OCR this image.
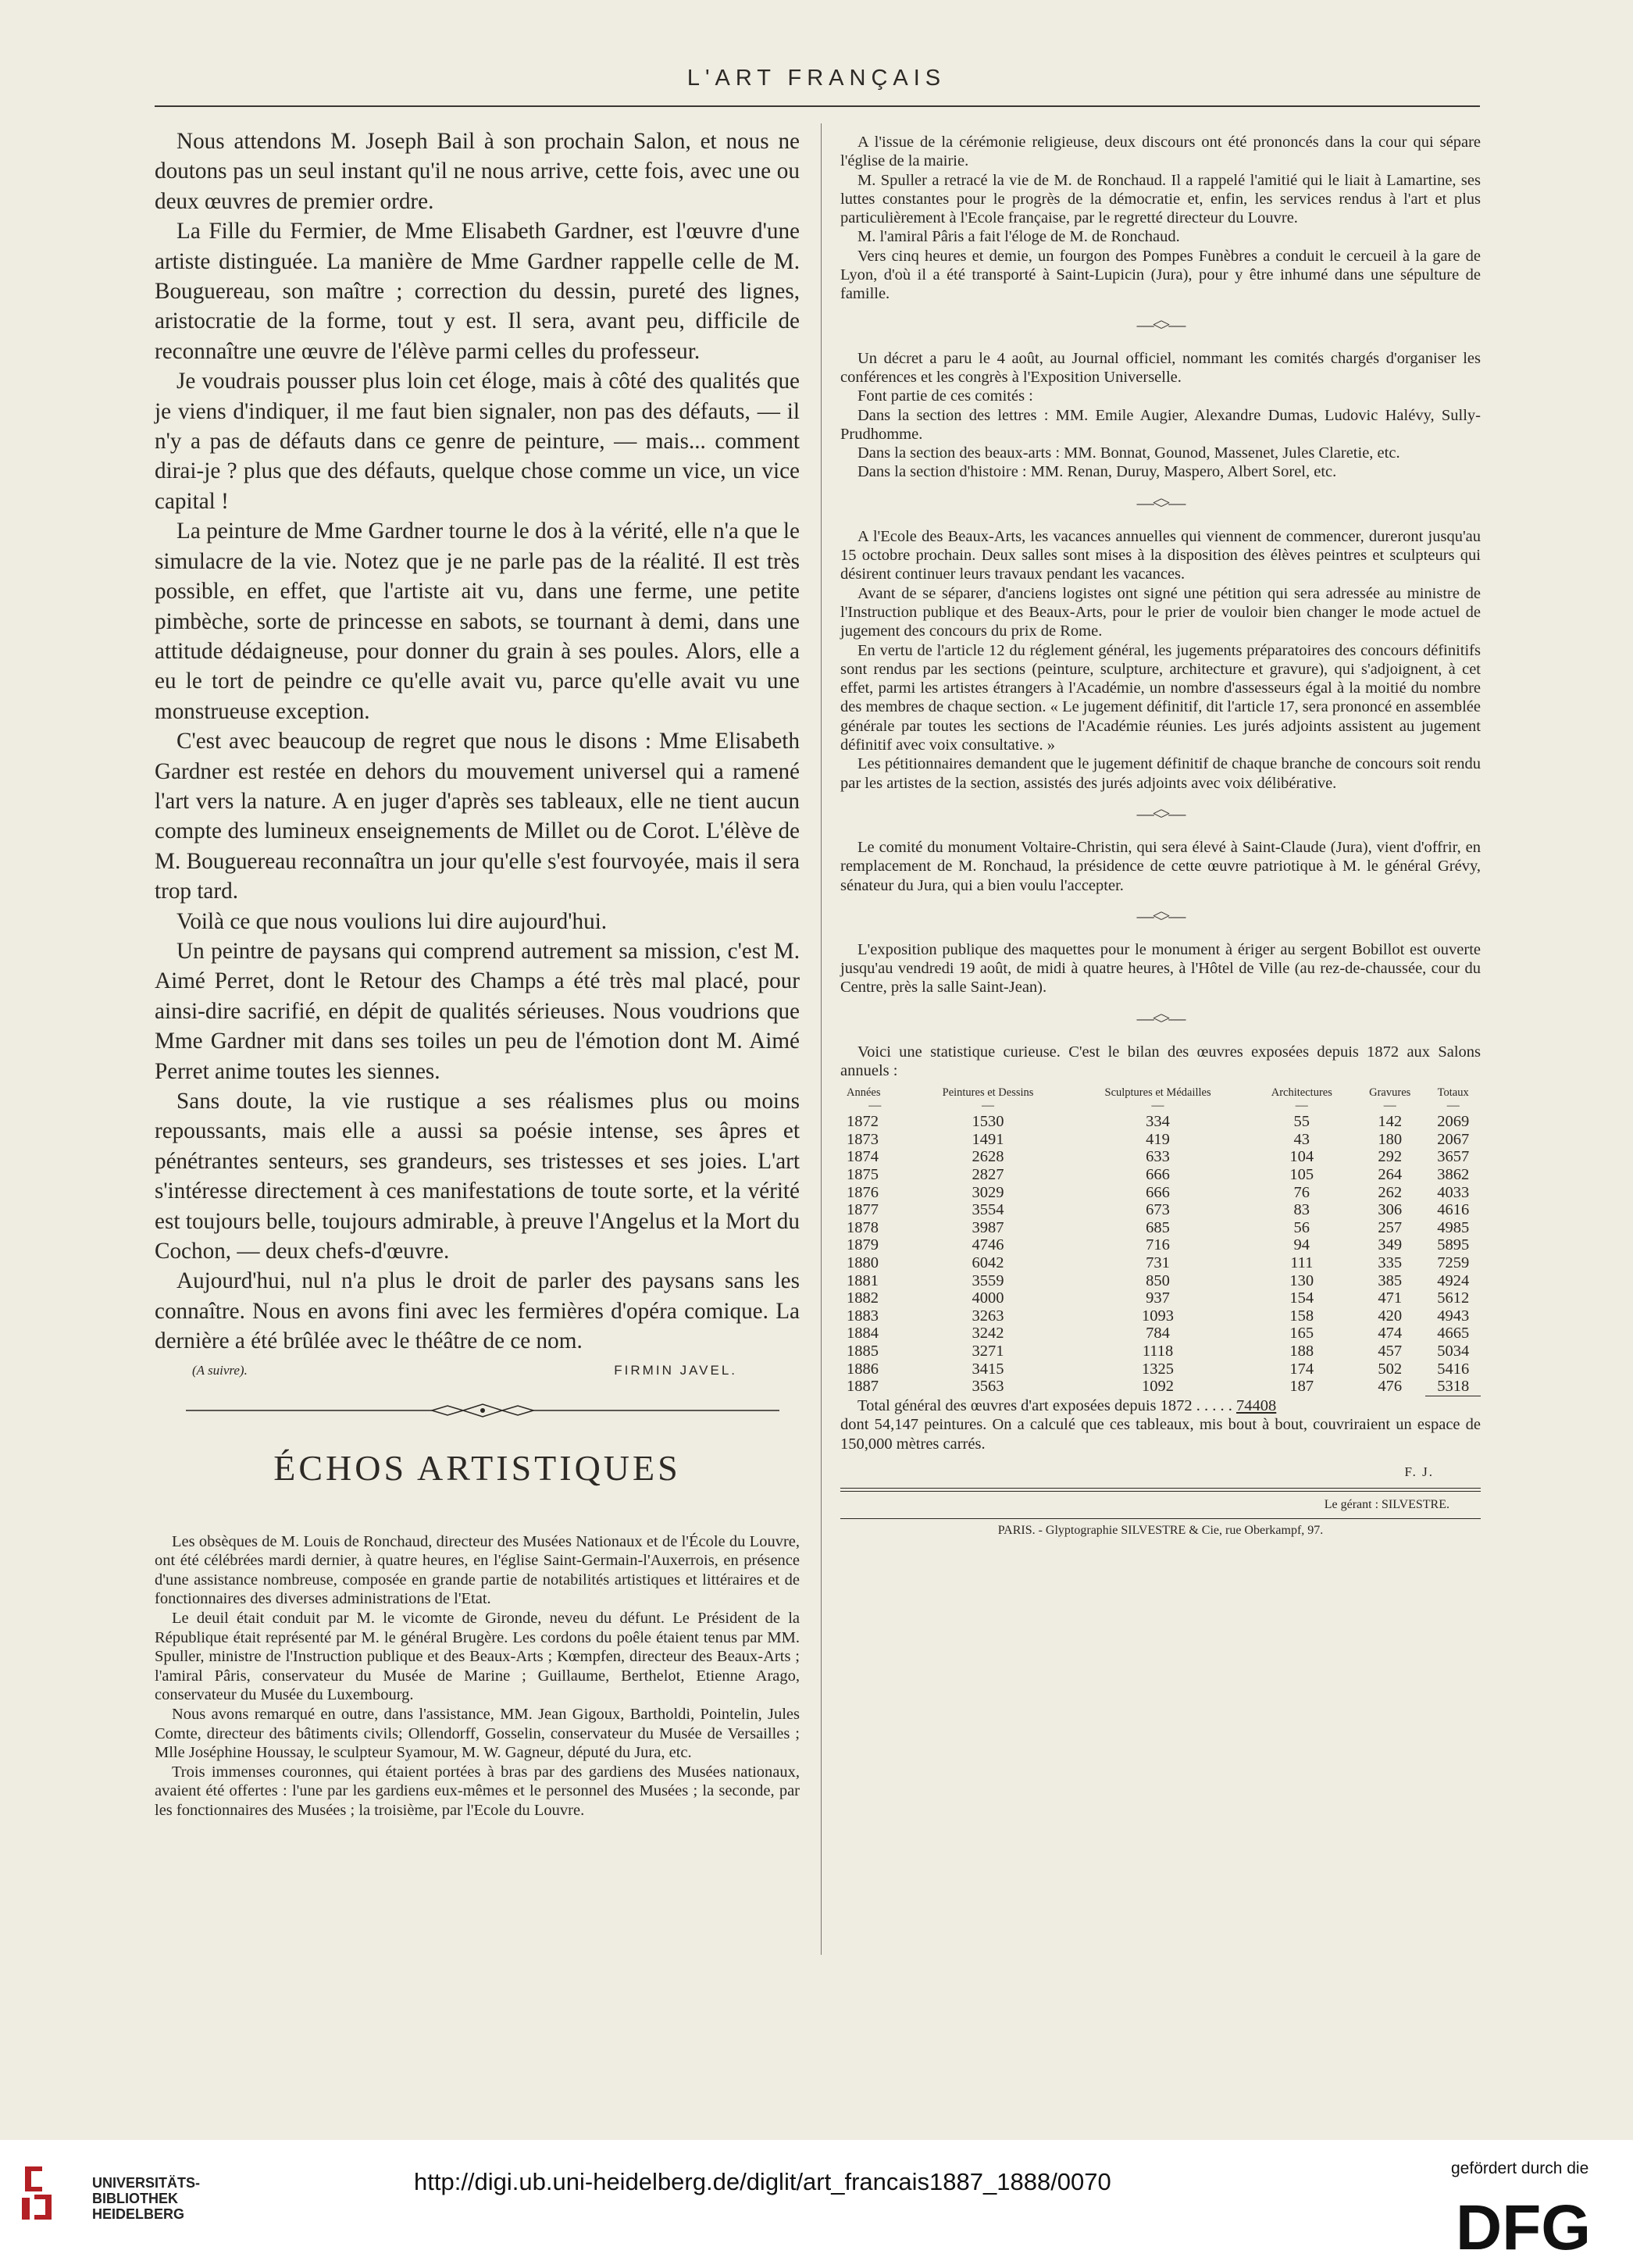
L'ART FRANÇAIS

Nous attendons M. Joseph Bail à son prochain Salon, et nous ne doutons pas un seul instant qu'il ne nous arrive, cette fois, avec une ou deux œuvres de premier ordre.

La Fille du Fermier, de Mme Elisabeth Gardner, est l'œuvre d'une artiste distinguée. La manière de Mme Gardner rappelle celle de M. Bouguereau, son maître ; correction du dessin, pureté des lignes, aristocratie de la forme, tout y est. Il sera, avant peu, difficile de reconnaître une œuvre de l'élève parmi celles du professeur.

Je voudrais pousser plus loin cet éloge, mais à côté des qualités que je viens d'indiquer, il me faut bien signaler, non pas des défauts, — il n'y a pas de défauts dans ce genre de peinture, — mais... comment dirai-je ? plus que des défauts, quelque chose comme un vice, un vice capital !

La peinture de Mme Gardner tourne le dos à la vérité, elle n'a que le simulacre de la vie. Notez que je ne parle pas de la réalité. Il est très possible, en effet, que l'artiste ait vu, dans une ferme, une petite pimbèche, sorte de princesse en sabots, se tournant à demi, dans une attitude dédaigneuse, pour donner du grain à ses poules. Alors, elle a eu le tort de peindre ce qu'elle avait vu, parce qu'elle avait vu une monstrueuse exception.

C'est avec beaucoup de regret que nous le disons : Mme Elisabeth Gardner est restée en dehors du mouvement universel qui a ramené l'art vers la nature. A en juger d'après ses tableaux, elle ne tient aucun compte des lumineux enseignements de Millet ou de Corot. L'élève de M. Bouguereau reconnaîtra un jour qu'elle s'est fourvoyée, mais il sera trop tard.

Voilà ce que nous voulions lui dire aujourd'hui.

Un peintre de paysans qui comprend autrement sa mission, c'est M. Aimé Perret, dont le Retour des Champs a été très mal placé, pour ainsi-dire sacrifié, en dépit de qualités sérieuses. Nous voudrions que Mme Gardner mit dans ses toiles un peu de l'émotion dont M. Aimé Perret anime toutes les siennes.

Sans doute, la vie rustique a ses réalismes plus ou moins repoussants, mais elle a aussi sa poésie intense, ses âpres et pénétrantes senteurs, ses grandeurs, ses tristesses et ses joies. L'art s'intéresse directement à ces manifestations de toute sorte, et la vérité est toujours belle, toujours admirable, à preuve l'Angelus et la Mort du Cochon, — deux chefs-d'œuvre.

Aujourd'hui, nul n'a plus le droit de parler des paysans sans les connaître. Nous en avons fini avec les fermières d'opéra comique. La dernière a été brûlée avec le théâtre de ce nom.

(A suivre).	FIRMIN JAVEL.
ÉCHOS ARTISTIQUES

Les obsèques de M. Louis de Ronchaud, directeur des Musées Nationaux et de l'École du Louvre, ont été célébrées mardi dernier, à quatre heures, en l'église Saint-Germain-l'Auxerrois, en présence d'une assistance nombreuse, composée en grande partie de notabilités artistiques et littéraires et de fonctionnaires des diverses administrations de l'Etat.

Le deuil était conduit par M. le vicomte de Gironde, neveu du défunt. Le Président de la République était représenté par M. le général Brugère. Les cordons du poêle étaient tenus par MM. Spuller, ministre de l'Instruction publique et des Beaux-Arts ; Kœmpfen, directeur des Beaux-Arts ; l'amiral Pâris, conservateur du Musée de Marine ; Guillaume, Berthelot, Etienne Arago, conservateur du Musée du Luxembourg.

Nous avons remarqué en outre, dans l'assistance, MM. Jean Gigoux, Bartholdi, Pointelin, Jules Comte, directeur des bâtiments civils; Ollendorff, Gosselin, conservateur du Musée de Versailles ; Mlle Joséphine Houssay, le sculpteur Syamour, M. W. Gagneur, député du Jura, etc.

Trois immenses couronnes, qui étaient portées à bras par des gardiens des Musées nationaux, avaient été offertes : l'une par les gardiens eux-mêmes et le personnel des Musées ; la seconde, par les fonctionnaires des Musées ; la troisième, par l'Ecole du Louvre.

A l'issue de la cérémonie religieuse, deux discours ont été prononcés dans la cour qui sépare l'église de la mairie.

M. Spuller a retracé la vie de M. de Ronchaud. Il a rappelé l'amitié qui le liait à Lamartine, ses luttes constantes pour le progrès de la démocratie et, enfin, les services rendus à l'art et plus particulièrement à l'Ecole française, par le regretté directeur du Louvre.

M. l'amiral Pâris a fait l'éloge de M. de Ronchaud.

Vers cinq heures et demie, un fourgon des Pompes Funèbres a conduit le cercueil à la gare de Lyon, d'où il a été transporté à Saint-Lupicin (Jura), pour y être inhumé dans une sépulture de famille.

—<>—

Un décret a paru le 4 août, au Journal officiel, nommant les comités chargés d'organiser les conférences et les congrès à l'Exposition Universelle.

Font partie de ces comités :

Dans la section des lettres : MM. Emile Augier, Alexandre Dumas, Ludovic Halévy, Sully-Prudhomme.

Dans la section des beaux-arts : MM. Bonnat, Gounod, Massenet, Jules Claretie, etc.

Dans la section d'histoire : MM. Renan, Duruy, Maspero, Albert Sorel, etc.

—<>—

A l'Ecole des Beaux-Arts, les vacances annuelles qui viennent de commencer, dureront jusqu'au 15 octobre prochain. Deux salles sont mises à la disposition des élèves peintres et sculpteurs qui désirent continuer leurs travaux pendant les vacances.

Avant de se séparer, d'anciens logistes ont signé une pétition qui sera adressée au ministre de l'Instruction publique et des Beaux-Arts, pour le prier de vouloir bien changer le mode actuel de jugement des concours du prix de Rome.

En vertu de l'article 12 du réglement général, les jugements préparatoires des concours définitifs sont rendus par les sections (peinture, sculpture, architecture et gravure), qui s'adjoignent, à cet effet, parmi les artistes étrangers à l'Académie, un nombre d'assesseurs égal à la moitié du nombre des membres de chaque section. « Le jugement définitif, dit l'article 17, sera prononcé en assemblée générale par toutes les sections de l'Académie réunies. Les jurés adjoints assistent au jugement définitif avec voix consultative. »

Les pétitionnaires demandent que le jugement définitif de chaque branche de concours soit rendu par les artistes de la section, assistés des jurés adjoints avec voix délibérative.

—<>—

Le comité du monument Voltaire-Christin, qui sera élevé à Saint-Claude (Jura), vient d'offrir, en remplacement de M. Ronchaud, la présidence de cette œuvre patriotique à M. le général Grévy, sénateur du Jura, qui a bien voulu l'accepter.

—<>—

L'exposition publique des maquettes pour le monument à ériger au sergent Bobillot est ouverte jusqu'au vendredi 19 août, de midi à quatre heures, à l'Hôtel de Ville (au rez-de-chaussée, cour du Centre, près la salle Saint-Jean).

—<>—

Voici une statistique curieuse. C'est le bilan des œuvres exposées depuis 1872 aux Salons annuels :

Années	Peintures et Dessins	Sculptures et Médailles	Architectures	Gravures	Totaux
—	—	—	—	—	—
1872	1530	334	55	142	2069
1873	1491	419	43	180	2067
1874	2628	633	104	292	3657
1875	2827	666	105	264	3862
1876	3029	666	76	262	4033
1877	3554	673	83	306	4616
1878	3987	685	56	257	4985
1879	4746	716	94	349	5895
1880	6042	731	111	335	7259
1881	3559	850	130	385	4924
1882	4000	937	154	471	5612
1883	3263	1093	158	420	4943
1884	3242	784	165	474	4665
1885	3271	1118	188	457	5034
1886	3415	1325	174	502	5416
1887	3563	1092	187	476	5318

Total général des œuvres d'art exposées depuis 1872 . . . . . 74408

dont 54,147 peintures. On a calculé que ces tableaux, mis bout à bout, couvriraient un espace de 150,000 mètres carrés.

F. J.
Le gérant : SILVESTRE.
PARIS. - Glyptographie SILVESTRE & Cie, rue Oberkampf, 97.
UNIVERSITÄTS-
BIBLIOTHEK
HEIDELBERG
http://digi.ub.uni-heidelberg.de/diglit/art_francais1887_1888/0070	gefördert durch die
DFG
